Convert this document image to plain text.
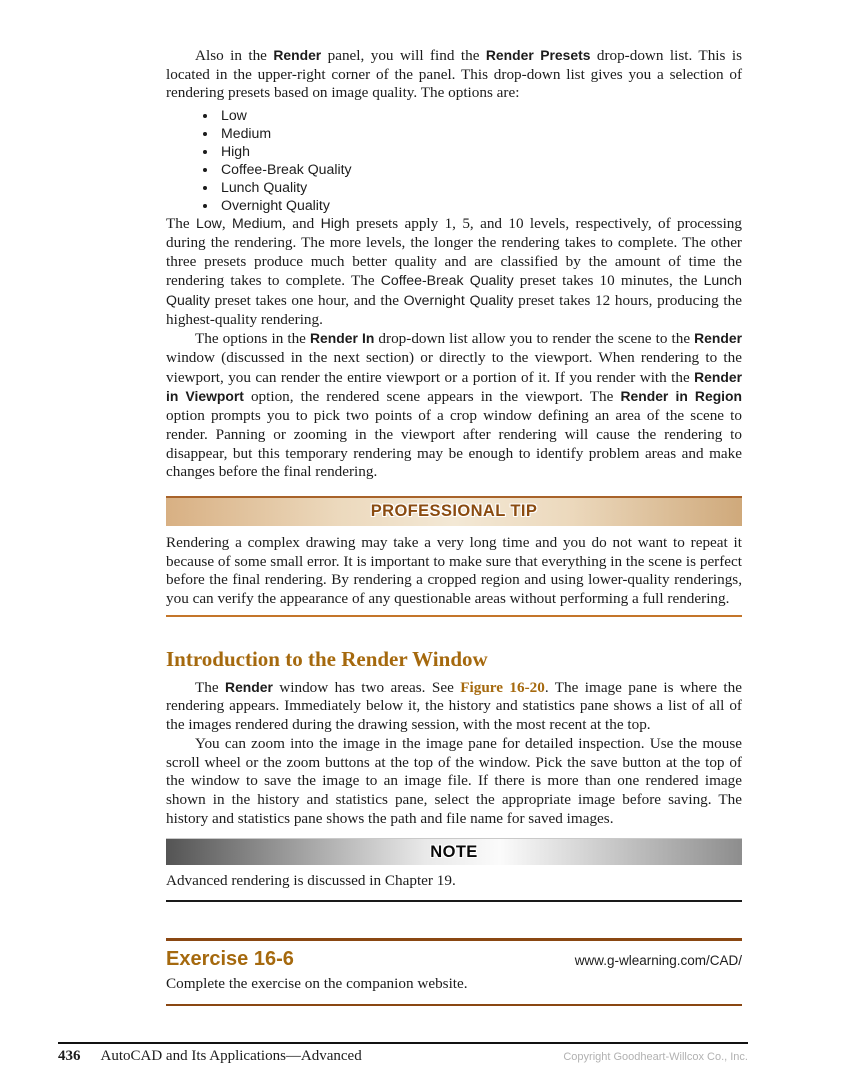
Also in the Render panel, you will find the Render Presets drop-down list. This is located in the upper-right corner of the panel. This drop-down list gives you a selection of rendering presets based on image quality. The options are:

• Low
• Medium
• High
• Coffee-Break Quality
• Lunch Quality
• Overnight Quality

The Low, Medium, and High presets apply 1, 5, and 10 levels, respectively, of processing during the rendering. The more levels, the longer the rendering takes to complete. The other three presets produce much better quality and are classified by the amount of time the rendering takes to complete. The Coffee-Break Quality preset takes 10 minutes, the Lunch Quality preset takes one hour, and the Overnight Quality preset takes 12 hours, producing the highest-quality rendering.

The options in the Render In drop-down list allow you to render the scene to the Render window (discussed in the next section) or directly to the viewport. When rendering to the viewport, you can render the entire viewport or a portion of it. If you render with the Render in Viewport option, the rendered scene appears in the viewport. The Render in Region option prompts you to pick two points of a crop window defining an area of the scene to render. Panning or zooming in the viewport after rendering will cause the rendering to disappear, but this temporary rendering may be enough to identify problem areas and make changes before the final rendering.

PROFESSIONAL TIP

Rendering a complex drawing may take a very long time and you do not want to repeat it because of some small error. It is important to make sure that everything in the scene is perfect before the final rendering. By rendering a cropped region and using lower-quality renderings, you can verify the appearance of any questionable areas without performing a full rendering.

Introduction to the Render Window

The Render window has two areas. See Figure 16-20. The image pane is where the rendering appears. Immediately below it, the history and statistics pane shows a list of all of the images rendered during the drawing session, with the most recent at the top.

You can zoom into the image in the image pane for detailed inspection. Use the mouse scroll wheel or the zoom buttons at the top of the window. Pick the save button at the top of the window to save the image to an image file. If there is more than one rendered image shown in the history and statistics pane, select the appropriate image before saving. The history and statistics pane shows the path and file name for saved images.

NOTE

Advanced rendering is discussed in Chapter 19.

Exercise 16-6	www.g-wlearning.com/CAD/

Complete the exercise on the companion website.

436 AutoCAD and Its Applications—Advanced	Copyright Goodheart-Willcox Co., Inc.
